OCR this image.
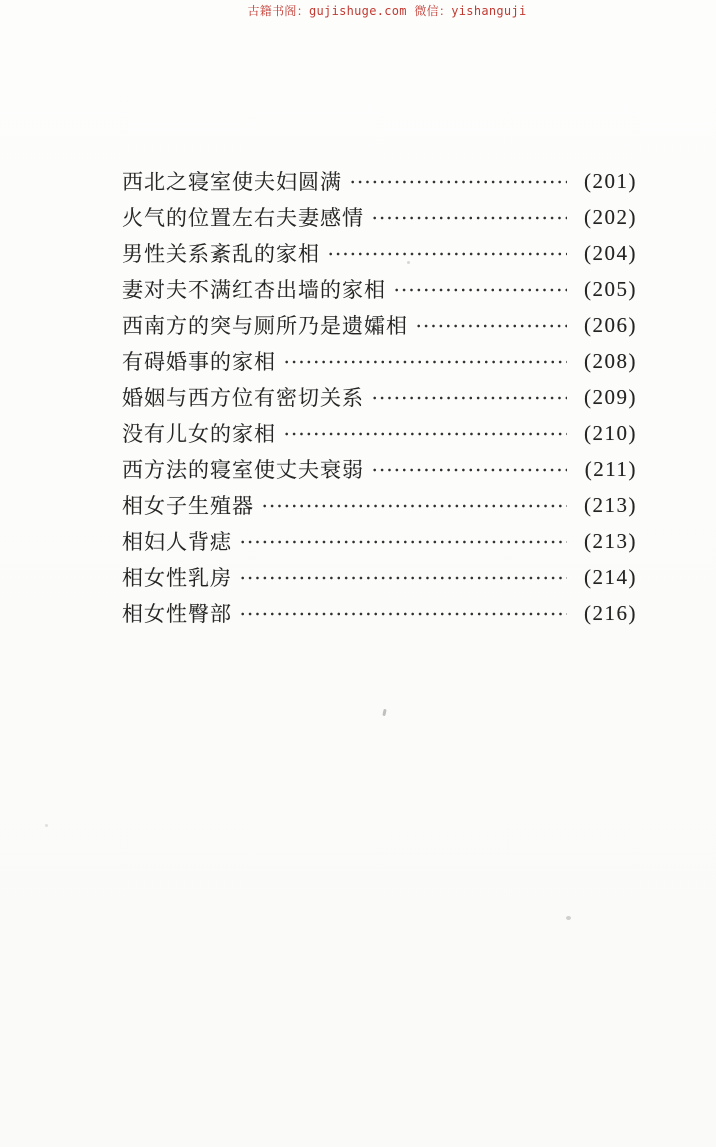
古籍书阁：gujishuge.com 微信：yishanguji
西北之寝室使夫妇圆满	(201)
火气的位置左右夫妻感情	(202)
男性关系紊乱的家相	(204)
妻对夫不满红杏出墙的家相	(205)
西南方的突与厕所乃是遗孀相	(206)
有碍婚事的家相	(208)
婚姻与西方位有密切关系	(209)
没有儿女的家相	(210)
西方法的寝室使丈夫衰弱	(211)
相女子生殖器	(213)
相妇人背痣	(213)
相女性乳房	(214)
相女性臀部	(216)
